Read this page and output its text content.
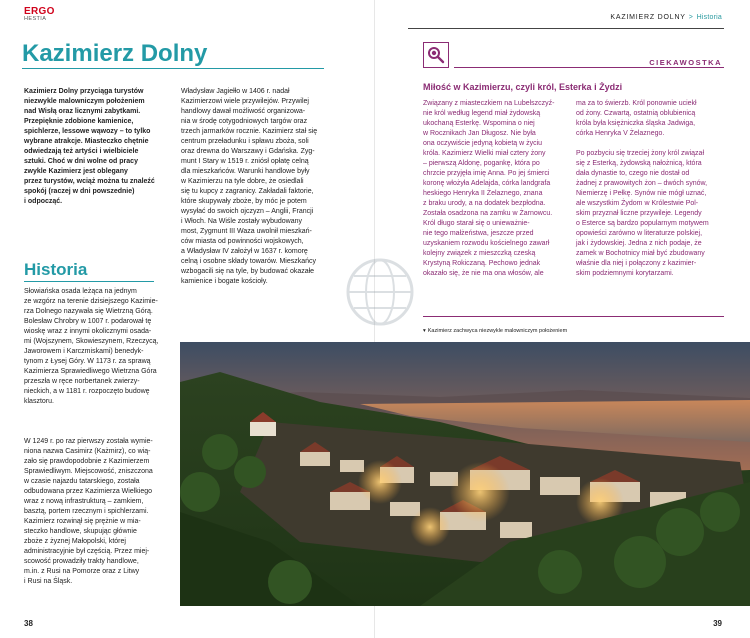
ERGO
HESTIA	KAZIMIERZ DOLNY > Historia
Kazimierz Dolny
Kazimierz Dolny przyciąga turystów
niezwykle malowniczym położeniem
nad Wisłą oraz licznymi zabytkami.
Przepięknie zdobione kamienice,
spichlerze, lessowe wąwozy – to tylko
wybrane atrakcje. Miasteczko chętnie
odwiedzają też artyści i wielbiciele
sztuki. Choć w dni wolne od pracy
zwykle Kazimierz jest oblegany
przez turystów, wciąż można tu znaleźć
spokój (raczej w dni powszednie)
i odpocząć.
Władysław Jagiełło w 1406 r. nadał
Kazimierzowi wiele przywilejów. Przywilej
handlowy dawał możliwość organizowa-
nia w środę cotygodniowych targów oraz
trzech jarmarków rocznie. Kazimierz stał się
centrum przeładunku i spławu zboża, soli
oraz drewna do Warszawy i Gdańska. Zyg-
munt I Stary w 1519 r. zniósł opłatę celną
dla mieszkańców. Warunki handlowe były
w Kazimierzu na tyle dobre, że osiedlali
się tu kupcy z zagranicy. Zakładali faktorie,
które skupywały zboże, by móc je potem
wysyłać do swoich ojczyzn – Anglii, Francji
i Włoch. Na Wiśle zostały wybudowany
most, Zygmunt III Waza uwolnił mieszkań-
ców miasta od powinności wojskowych,
a Władysław IV założył w 1637 r. komorę
celną i osobne składy towarów. Mieszkańcy
wzbogacili się na tyle, by budować okazałe
kamienice i bogate kościoły.
Historia
Słowiańska osada leżąca na jednym
ze wzgórz na terenie dzisiejszego Kazimie-
rza Dolnego nazywała się Wietrzną Górą.
Bolesław Chrobry w 1007 r. podarował tę
wioskę wraz z innymi okolicznymi osada-
mi (Wojszynem, Skowieszynem, Rzeczycą,
Jaworowem i Karczmiskami) benedyk-
tynom z Łysej Góry. W 1173 r. za sprawą
Kazimierza Sprawiedliwego Wietrzna Góra
przeszła w ręce norbertanek zwierzy-
nieckich, a w 1181 r. rozpoczęto budowę
klasztoru.
W 1249 r. po raz pierwszy została wymie-
niona nazwa Casimirz (Każmirz), co wią-
zało się prawdopodobnie z Kazimierzem
Sprawiedliwym. Miejscowość, zniszczona
w czasie najazdu tatarskiego, została
odbudowana przez Kazimierza Wielkiego
wraz z nową infrastrukturą – zamkiem,
basztą, portem rzecznym i spichlerzami.
Kazimierz rozwinął się prężnie w mia-
steczko handlowe, skupując głównie
zboże z żyznej Małopolski, której
administracyjnie był częścią. Przez miej-
scowość prowadziły trakty handlowe,
m.in. z Rusi na Pomorze oraz z Litwy
i Rusi na Śląsk.
CIEKAWOSTKA
Miłość w Kazimierzu, czyli król, Esterka i Żydzi
Związany z miasteczkiem na Lubelszczyź-
nie król według legend miał żydowską
ukochaną Esterkę. Wspomina o niej
w Rocznikach Jan Długosz. Nie była
ona oczywiście jedyną kobietą w życiu
króla. Kazimierz Wielki miał cztery żony
– pierwszą Aldonę, pogankę, która po
chrzcie przyjęła imię Anna. Po jej śmierci
koronę włożyła Adelajda, córka landgrafa
heskiego Henryka II Żelaznego, znana
z braku urody, a na dodatek bezpłodna.
Została osadzona na zamku w Żarnowcu.
Król długo starał się o unieważnie-
nie tego małżeństwa, jeszcze przed
uzyskaniem rozwodu kościelnego zawarł
kolejny związek z mieszczką czeską
Krystyną Rokiczaną. Pechowo jednak
okazało się, że nie ma ona włosów, ale
ma za to świerzb. Król ponownie uciekł
od żony. Czwartą, ostatnią oblubienicą
króla była księżniczka śląska Jadwiga,
córka Henryka V Żelaznego.

Po pozbyciu się trzeciej żony król związał
się z Esterką, żydowską nałożnicą, która
dała dynastie to, czego nie dostał od
żadnej z prawowitych żon – dwóch synów,
Niemierzę i Pełkę. Synów nie mógł uznać,
ale wszystkim Żydom w Królestwie Pol-
skim przyznał liczne przywileje. Legendy
o Esterce są bardzo popularnym motywem
opowieści zarówno w literaturze polskiej,
jak i żydowskiej. Jedna z nich podaje, że
zamek w Bochotnicy miał być zbudowany
właśnie dla niej i połączony z kazimier-
skim podziemnymi korytarzami.
▾ Kazimierz zachwyca niezwykle malowniczym położeniem
38	39
